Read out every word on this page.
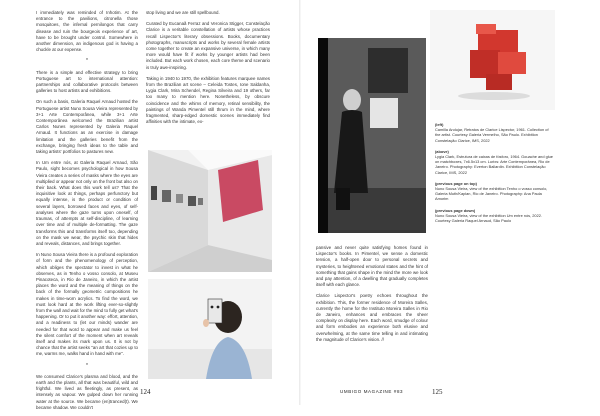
I immediately was reminded of Inhotim. At the entrance to the pavilions, citronella those mosquitoes, the infernal pernilongos that carry disease and ruin the bourgeois experience of art, have to be brought under control. Somewhere in another dimension, an indigenous god is having a chuckle at our expense.

*

There is a simple and effective strategy to bring Portuguese art to international attention: partnerships and collaborative protocols between galleries to host artists and exhibitions.

On such a basis, Galeria Raquel Arnaud hosted the Portuguese artist Nuno Sousa Vieira represented by 3+1 Arte Contemporânea, while 3+1 Arte Contemporânea welcomed the Brazilian artist Carlos Nunes represented by Galeria Raquel Arnaud. It functions as an exercise in damage limitation and the galleries benefit from the exchange, bringing fresh ideas to the table and taking artists' portfolios to pastures new.

In Um entre nós, at Galeria Raquel Arnaud, São Paulo, sight becomes psychological in how Sousa Vieira creates a series of masks where the eyes are multiplied or appear not only on the front but also on their back. What does this work tell us? That the inquisitive look at things, perhaps perfunctory but equally intense, is the product or condition of several layers, borrowed faces and eyes, of self-analyses where the gaze turns upon oneself, of traumas, of attempts at self-discipline, of learning over time and of multiple de-formatting. The gaze transforms this and transforms itself too, depending on the mask we wear, the psychic skin that hides and reveals, distances, and brings together.

In Nuno Sousa Vieira there is a profound exploration of form and the phenomenology of perception, which obliges the spectator to invest in what he observes, as in Tenho o vosso consolo, at Museu Pinacoteca, in Rio de Janeiro, in which the artist places the word and the meaning of things on the back of the formally geometric compositions he makes in time-worn acrylics. To find the word, we must look hard at the work lifting ever-so-slightly from the wall and wait for the mind to fully get what's happening. Or to put it another way: effort, attention, and a readiness to (let our minds) wander are needed for that word to appear and make us feel the silent comfort of the moment when art reveals itself and makes its mark upon us. It is not by chance that the artist seeks "an art that cozies up to me, warms me, walks hand in hand with me".

*

We consumed Clarice's plasma and blood, and the earth and the plants, all that was beautiful, wild and frightful. We lived as fleetingly, as present, as intensely as vapour. We gulped down her running water at the source. We became (en)tranced(t). We became shadow. We couldn't

stop living and we are still spellbound.

Curated by Eucanaã Ferraz and Veronica Stigger, Constelação Clarice is a veritable constellation of artists whose practices recall Lispector's literary obsessions. Books, documentary photographs, manuscripts and works by several female artists come together to create an expansive universe, in which many more would have fit if works by younger artists had been included. But each work chosen, each core theme and scenario is truly awe-inspiring.

Taking in 1940 to 1970, the exhibition features marquee names from the Brazilian art scene – Celeida Tostes, Ione Saldanha, Lygia Clark, Mira Schendel, Regina Silveira and 19 others, far too many to mention here. Nonetheless, by obscure coincidence and the whims of memory, retinal sensibility, the paintings of Wanda Pimentel still thrum in the mind, where fragmented, sharp-edged domestic scenes immediately find affinities with the intimate, ex-

124

pansive and never quite satisfying homes found in Lispector's books. In Pimentel, we sense a domestic tension, a half-open door to personal secrets and mysteries, to heightened emotional states and the hint of something that gains shape in the mind the more we look and pay attention, of a dwelling that gradually completes itself with each glance.

Clarice Lispector's poetry echoes throughout the exhibition. This, the former residence of Moreira Salles, currently the home for the Instituto Moreira Salles in Rio de Janeiro, enhances and embraces the sheer complexity on display here. Each word, smudge of colour and form embodies an experience both elusive and overwhelming, at the same time telling in and intimating the magnitude of Clarice's vision. //

(left)
Camilla Andujar, Retratos de Clarice Lispector, 1961. Collection of the artist. Courtesy Galeria Vermelho, São Paulo. Exhibition Constelação Clarice, IMS, 2022
(above)
Lygia Clark, Estrutura de caixas de fósforo, 1964. Gouache and glue on matchboxes, 7x6.5x13 cm. Lurixs: Arte Contemporânea, Rio de Janeiro. Photography: Everton Ballardin. Exhibition Constelação Clarice, IMS, 2022
(previous page on top)
Nuno Sousa Vieira, view of the exhibition Tenho o vosso consolo, Galeria Muth/Kaplan, Rio de Janeiro. Photography: Ana Paula Amorim
(previous page down)
Nuno Sousa Vieira, view of the exhibition Um entre nós, 2022. Courtesy Galeria Raquel Arnaud, São Paulo
UMBIGO MAGAZINE #83	125
